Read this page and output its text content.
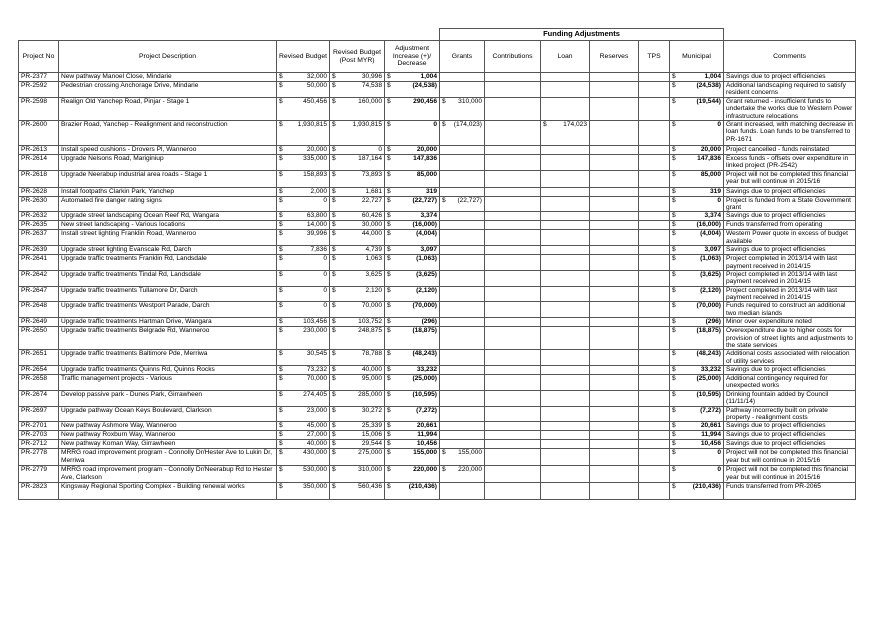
					Funding Adjustments						
Project No	Project Description	Revised Budget	Revised Budget (Post MYR)	Adjustment Increase (+)/ Decrease	Grants	Contributions	Loan	Reserves	TPS	Municipal	Comments
PR-2377	New pathway Manoel Close, Mindarie	$ 32,000	$ 30,996	$ 1,004						$ 1,004	Savings due to project efficiencies
PR-2592	Pedestrian crossing Anchorage Drive, Mindarie	$ 50,000	$ 74,538	$ (24,538)						$ (24,538)	Additional landscaping required to satisfy resident concerns
PR-2598	Realign Old Yanchep Road, Pinjar - Stage 1	$ 450,456	$ 160,000	$ 290,456	$ 310,000					$ (19,544)	Grant returned - insufficient funds to undertake the works due to Western Power infrastructure relocations
PR-2600	Brazier Road, Yanchep - Realignment and reconstruction	$ 1,930,815	$ 1,930,815	$ 0	$ (174,023)		$ 174,023			$ 0	Grant increased, with matching decrease in loan funds. Loan funds to be transferred to PR-1671
PR-2613	Install speed cushions - Drovers Pl, Wanneroo	$ 20,000	$ 0	$ 20,000						$ 20,000	Project cancelled - funds reinstated
PR-2614	Upgrade Nelsons Road, Mariginiup	$ 335,000	$ 187,164	$ 147,836						$ 147,836	Excess funds - offsets over expenditure in linked project (PR-2542)
PR-2618	Upgrade Neerabup industrial area roads - Stage 1	$ 158,893	$ 73,893	$ 85,000						$ 85,000	Project will not be completed this financial year but will continue in 2015/16
PR-2628	Install footpaths Clarkin Park, Yanchep	$ 2,000	$ 1,681	$ 319						$ 319	Savings due to project efficiencies
PR-2630	Automated fire danger rating signs	$ 0	$ 22,727	$ (22,727)	$ (22,727)					$ 0	Project is funded from a State Government grant
PR-2632	Upgrade street landscaping Ocean Reef Rd, Wangara	$ 63,800	$ 60,426	$ 3,374						$ 3,374	Savings due to project efficiencies
PR-2635	New street landscaping - Various locations	$ 14,000	$ 30,000	$ (16,000)						$ (16,000)	Funds transferred from operating
PR-2637	Install street lighting Franklin Road, Wanneroo	$ 39,996	$ 44,000	$ (4,004)						$ (4,004)	Western Power quote in excess of budget available
PR-2639	Upgrade street lighting Evanscale Rd, Darch	$ 7,836	$ 4,739	$ 3,097						$ 3,097	Savings due to project efficiencies
PR-2641	Upgrade traffic treatments Franklin Rd, Landsdale	$ 0	$ 1,063	$ (1,063)						$ (1,063)	Project completed in 2013/14 with last payment received in 2014/15
PR-2642	Upgrade traffic treatments Tindal Rd, Landsdale	$ 0	$ 3,625	$ (3,625)						$ (3,625)	Project completed in 2013/14 with last payment received in 2014/15
PR-2647	Upgrade traffic treatments Tullamore Dr, Darch	$ 0	$ 2,120	$ (2,120)						$ (2,120)	Project completed in 2013/14 with last payment received in 2014/15
PR-2648	Upgrade traffic treatments Westport Parade, Darch	$ 0	$ 70,000	$ (70,000)						$ (70,000)	Funds required to construct an additional two median islands
PR-2649	Upgrade traffic treatments Hartman Drive, Wangara	$ 103,456	$ 103,752	$ (296)						$ (296)	Minor over expenditure noted
PR-2650	Upgrade traffic treatments Belgrade Rd, Wanneroo	$ 230,000	$ 248,875	$ (18,875)						$ (18,875)	Overexpenditure due to higher costs for provision of street lights and adjustments to the state services
PR-2651	Upgrade traffic treatments Baltimore Pde, Merriwa	$ 30,545	$ 78,788	$ (48,243)						$ (48,243)	Additional costs associated with relocation of utility services
PR-2654	Upgrade traffic treatments Quinns Rd, Quinns Rocks	$ 73,232	$ 40,000	$ 33,232						$ 33,232	Savings due to project efficiencies
PR-2658	Traffic management projects - Various	$ 70,000	$ 95,000	$ (25,000)						$ (25,000)	Additional contingency required for unexpected works
PR-2674	Develop passive park - Dunes Park, Girrawheen	$ 274,405	$ 285,000	$ (10,595)						$ (10,595)	Drinking fountain added by Council (11/11/14)
PR-2697	Upgrade pathway Ocean Keys Boulevard, Clarkson	$ 23,000	$ 30,272	$ (7,272)						$ (7,272)	Pathway incorrectly built on private property - realignment costs
PR-2701	New pathway Ashmore Way, Wanneroo	$ 45,000	$ 25,339	$ 20,661						$ 20,661	Savings due to project efficiencies
PR-2703	New pathway Roxburn Way, Wanneroo	$ 27,000	$ 15,006	$ 11,994						$ 11,994	Savings due to project efficiencies
PR-2712	New pathway Koman Way, Girrawheen	$ 40,000	$ 29,544	$ 10,456						$ 10,456	Savings due to project efficiencies
PR-2778	MRRG road improvement program - Connolly Dr/Hester Ave to Lukin Dr, Merriwa	$ 430,000	$ 275,000	$ 155,000	$ 155,000					$ 0	Project will not be completed this financial year but will continue in 2015/16
PR-2779	MRRG road improvement program - Connolly Dr/Neerabup Rd to Hester Ave, Clarkson	$ 530,000	$ 310,000	$ 220,000	$ 220,000					$ 0	Project will not be completed this financial year but will continue in 2015/16
PR-2823	Kingsway Regional Sporting Complex - Building renewal works	$ 350,000	$ 560,436	$ (210,436)						$ (210,436)	Funds transferred from PR-2065
